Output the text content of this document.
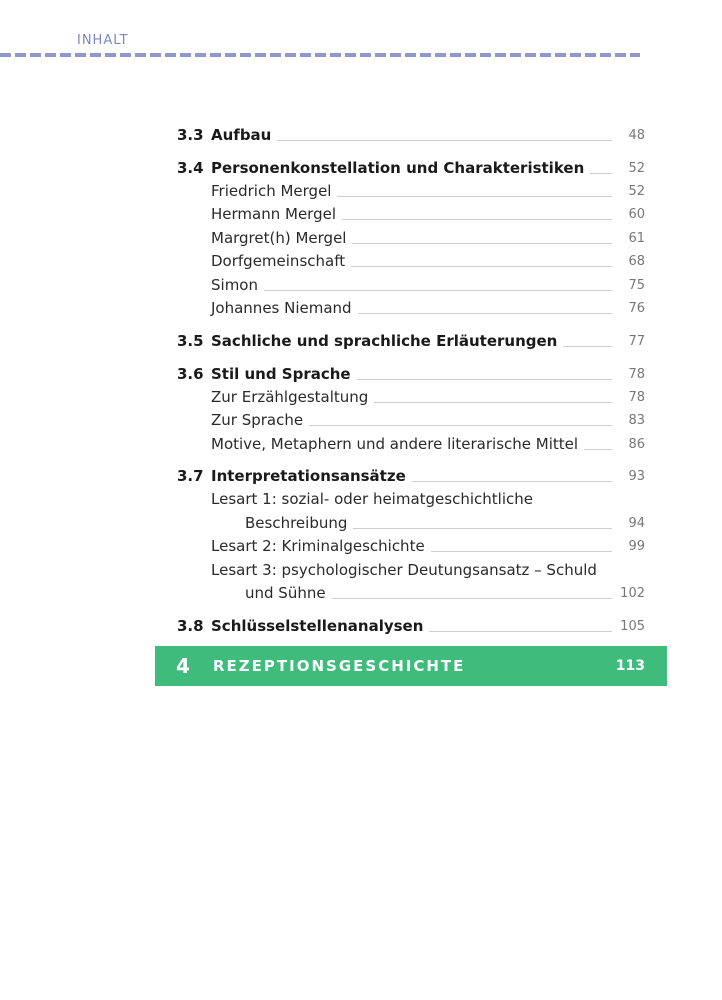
INHALT
3.3 Aufbau	48
3.4 Personenkonstellation und Charakteristiken	52
Friedrich Mergel	52
Hermann Mergel	60
Margret(h) Mergel	61
Dorfgemeinschaft	68
Simon	75
Johannes Niemand	76
3.5 Sachliche und sprachliche Erläuterungen	77
3.6 Stil und Sprache	78
Zur Erzählgestaltung	78
Zur Sprache	83
Motive, Metaphern und andere literarische Mittel	86
3.7 Interpretationsansätze	93
Lesart 1: sozial- oder heimatgeschichtliche
Beschreibung	94
Lesart 2: Kriminalgeschichte	99
Lesart 3: psychologischer Deutungsansatz – Schuld
und Sühne	102
3.8 Schlüsselstellenanalysen	105
4 REZEPTIONSGESCHICHTE	113
